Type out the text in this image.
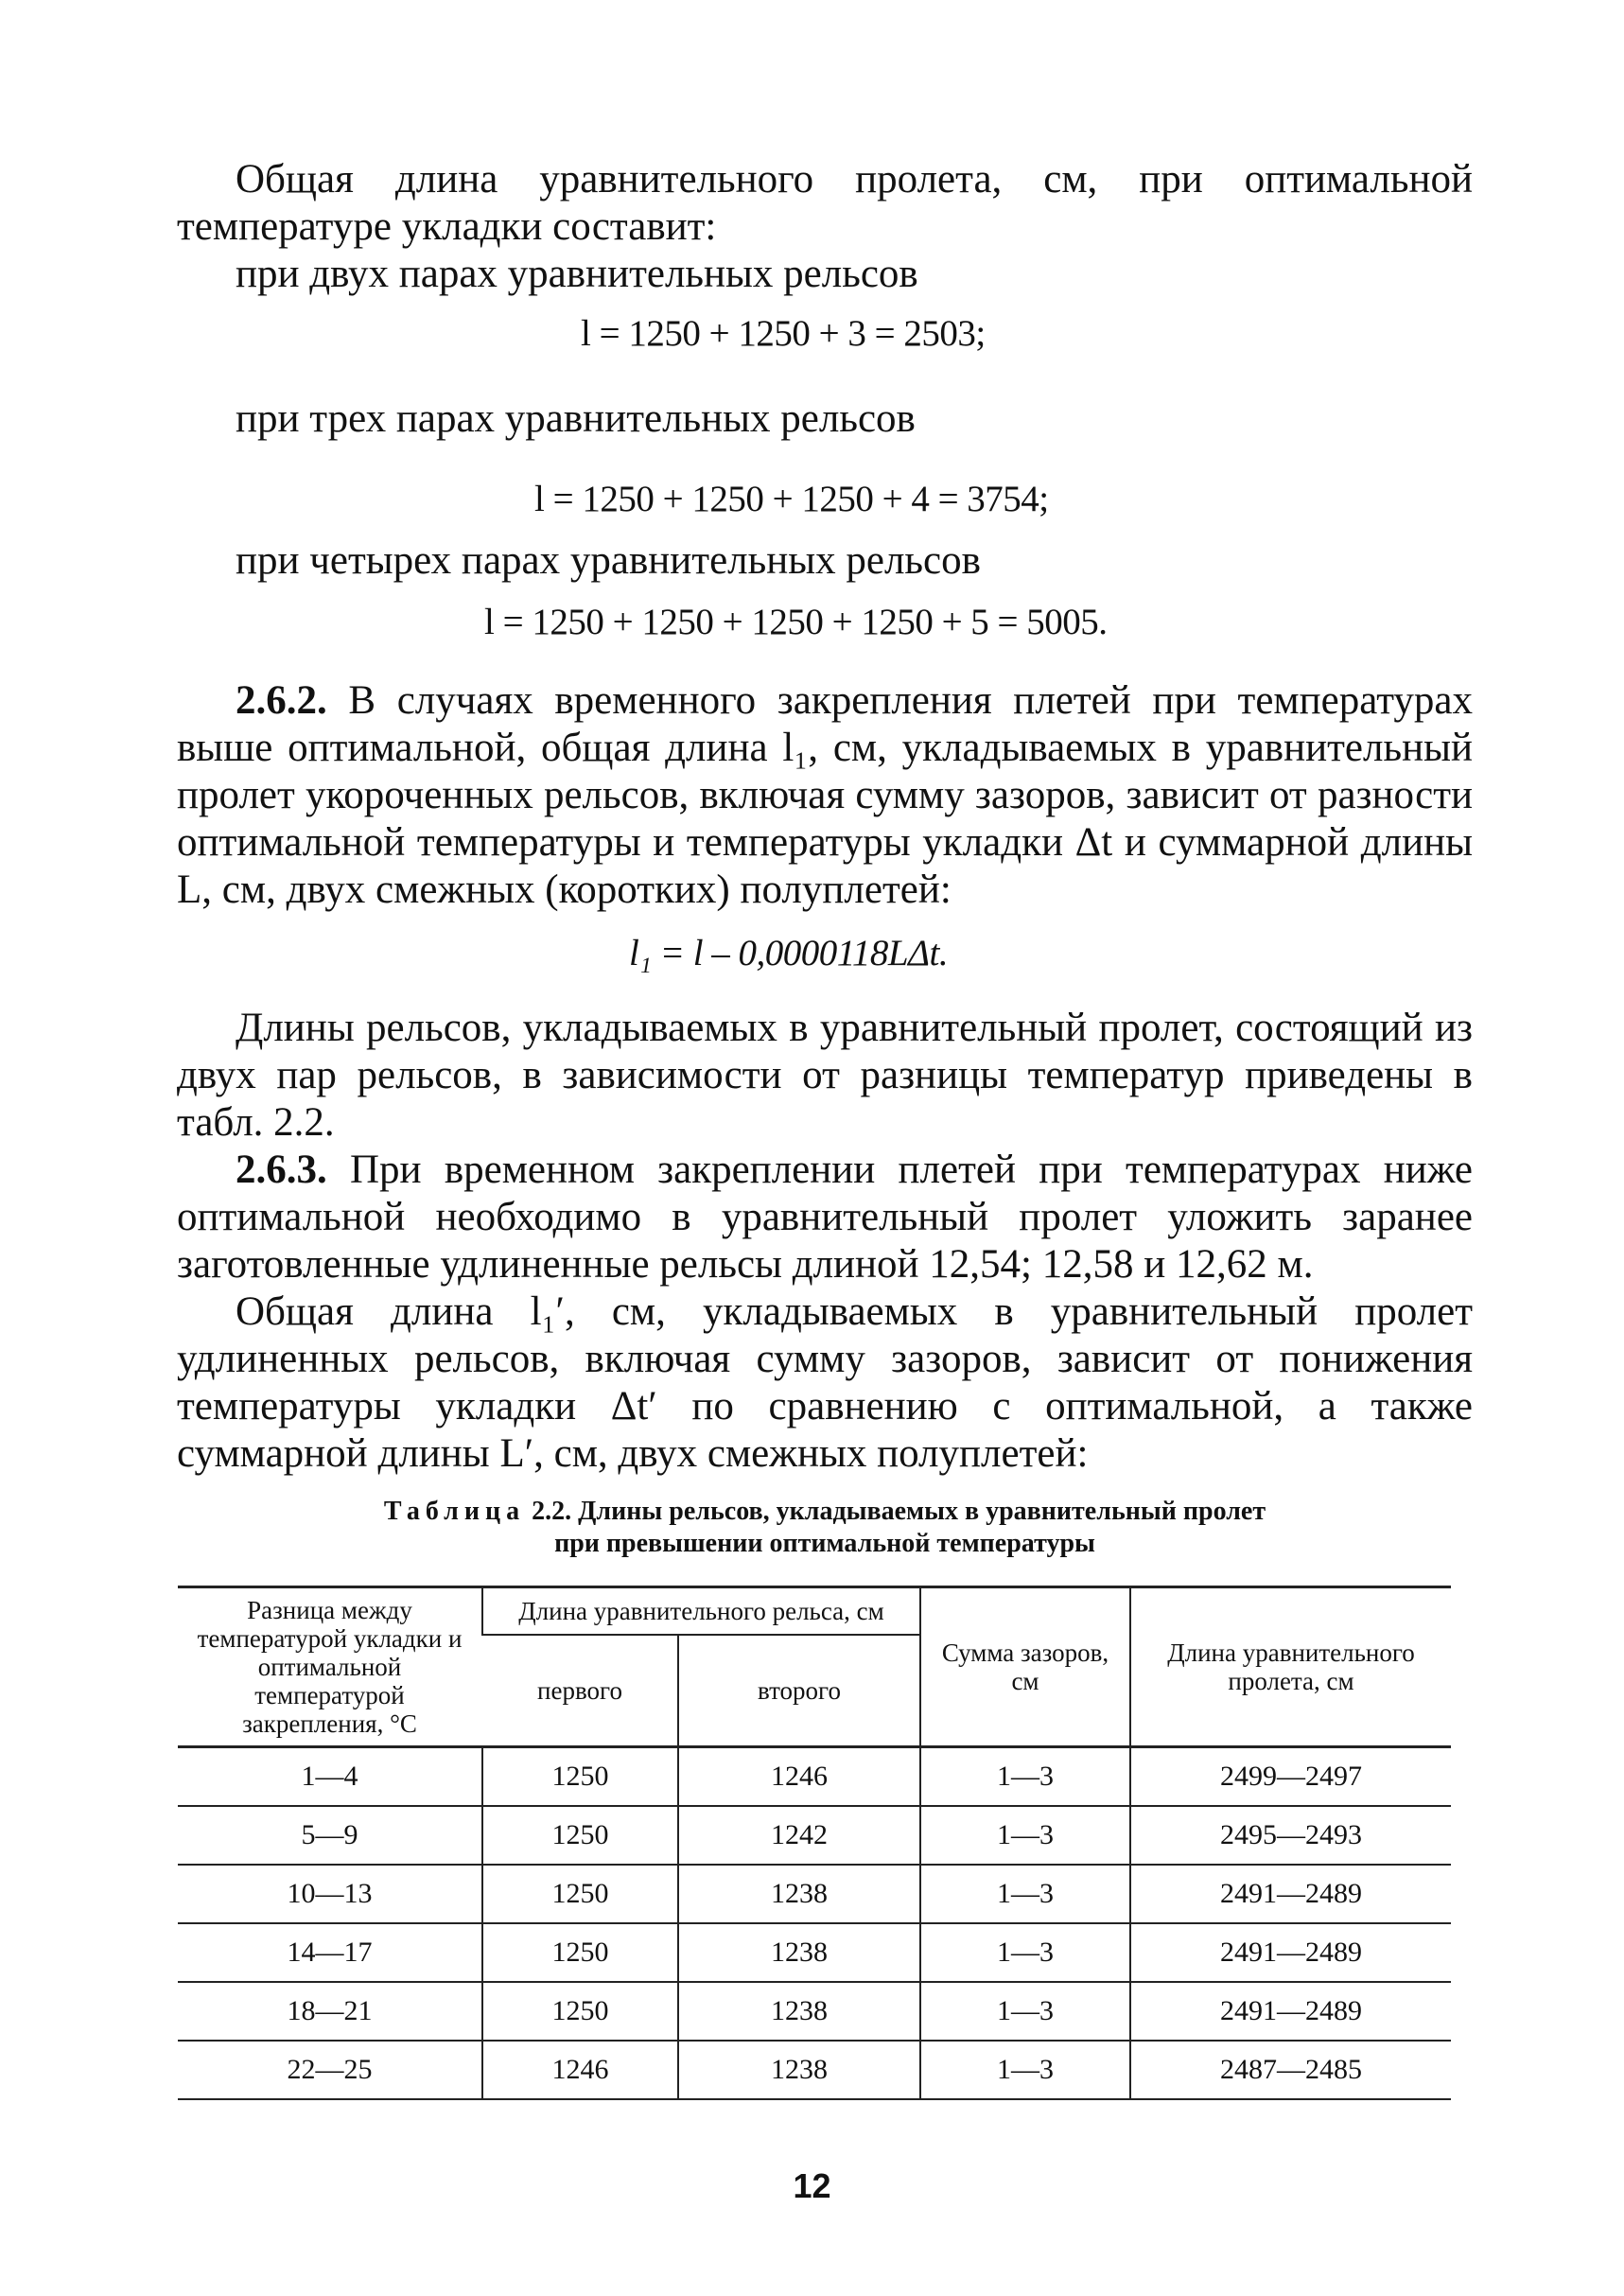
Общая длина уравнительного пролета, см, при оптимальной температуре укладки составит:

при двух парах уравнительных рельсов

l = 1250 + 1250 + 3 = 2503;

при трех парах уравнительных рельсов

l = 1250 + 1250 + 1250 + 4 = 3754;

при четырех парах уравнительных рельсов

l = 1250 + 1250 + 1250 + 1250 + 5 = 5005.

2.6.2. В случаях временного закрепления плетей при температурах выше оптимальной, общая длина l₁, см, укладываемых в уравнительный пролет укороченных рельсов, включая сумму зазоров, зависит от разности оптимальной температуры и температуры укладки Δt и суммарной длины L, см, двух смежных (коротких) полуплетей:

l₁ = l – 0,0000118LΔt.

Длины рельсов, укладываемых в уравнительный пролет, состоящий из двух пар рельсов, в зависимости от разницы температур приведены в табл. 2.2.

2.6.3. При временном закреплении плетей при температурах ниже оптимальной необходимо в уравнительный пролет уложить заранее заготовленные удлиненные рельсы длиной 12,54; 12,58 и 12,62 м.

Общая длина l₁′, см, укладываемых в уравнительный пролет удлиненных рельсов, включая сумму зазоров, зависит от понижения температуры укладки Δt′ по сравнению с оптимальной, а также суммарной длины L′, см, двух смежных полуплетей:

Таблица 2.2. Длины рельсов, укладываемых в уравнительный пролет
при превышении оптимальной температуры
Разница между температурой укладки и оптимальной температурой закрепления, °С	Длина уравнительного рельса, см		Сумма зазоров, см	Длина уравнительного пролета, см
	первого	второго		
1—4	1250	1246	1—3	2499—2497
5—9	1250	1242	1—3	2495—2493
10—13	1250	1238	1—3	2491—2489
14—17	1250	1238	1—3	2491—2489
18—21	1250	1238	1—3	2491—2489
22—25	1246	1238	1—3	2487—2485
12
